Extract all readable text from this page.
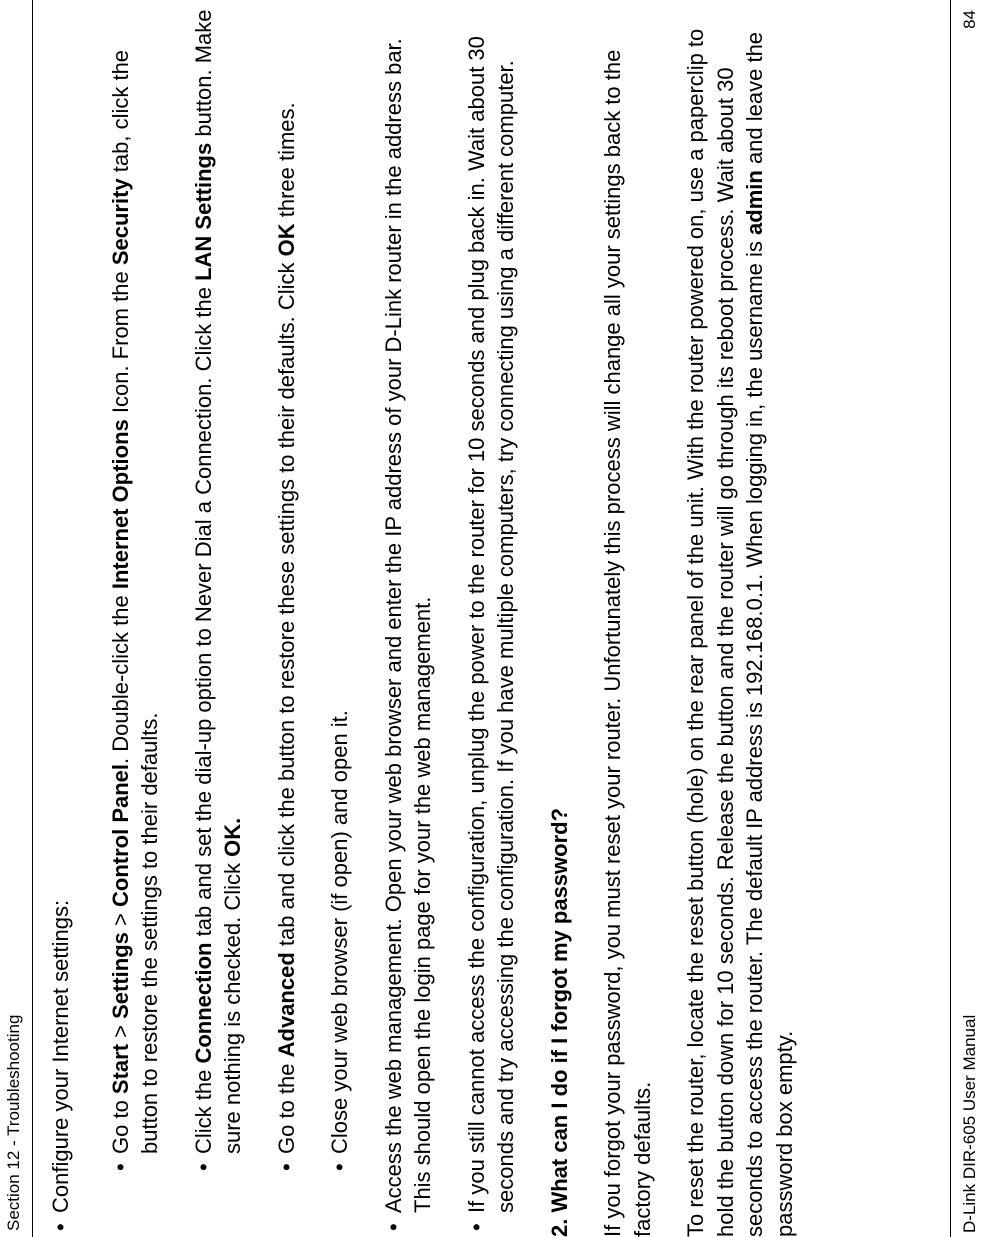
Section 12 - Troubleshooting •
Configure your Internet settings: •
Go to Start > Settings > Control Panel. Double-click the Internet Options Icon. From the Security tab, click the button to restore the settings to their defaults.
•
Click the Connection tab and set the dial-up option to Never Dial a Connection. Click the LAN Settings button. Make sure nothing is checked. Click OK.
•
Go to the Advanced tab and click the button to restore these settings to their defaults. Click OK three times.
•
Close your web browser (if open) and open it.
•
Access the web management. Open your web browser and enter the IP address of your D-Link router in the address bar. This should open the login page for your the web management.
•
If you still cannot access the configuration, unplug the power to the router for 10 seconds and plug back in. Wait about 30 seconds and try accessing the configuration. If you have multiple computers, try connecting using a different computer. 2. What can I do if I forgot my password? If you forgot your password, you must reset your router. Unfortunately this process will change all your settings back to the factory defaults. To reset the router, locate the reset button (hole) on the rear panel of the unit. With the router powered on, use a paperclip to hold the button down for 10 seconds. Release the button and the router will go through its reboot process. Wait about 30 seconds to access the router. The default IP address is 192.168.0.1. When logging in, the username is admin and leave the password box empty.	D-Link DIR-605 User Manual
84
